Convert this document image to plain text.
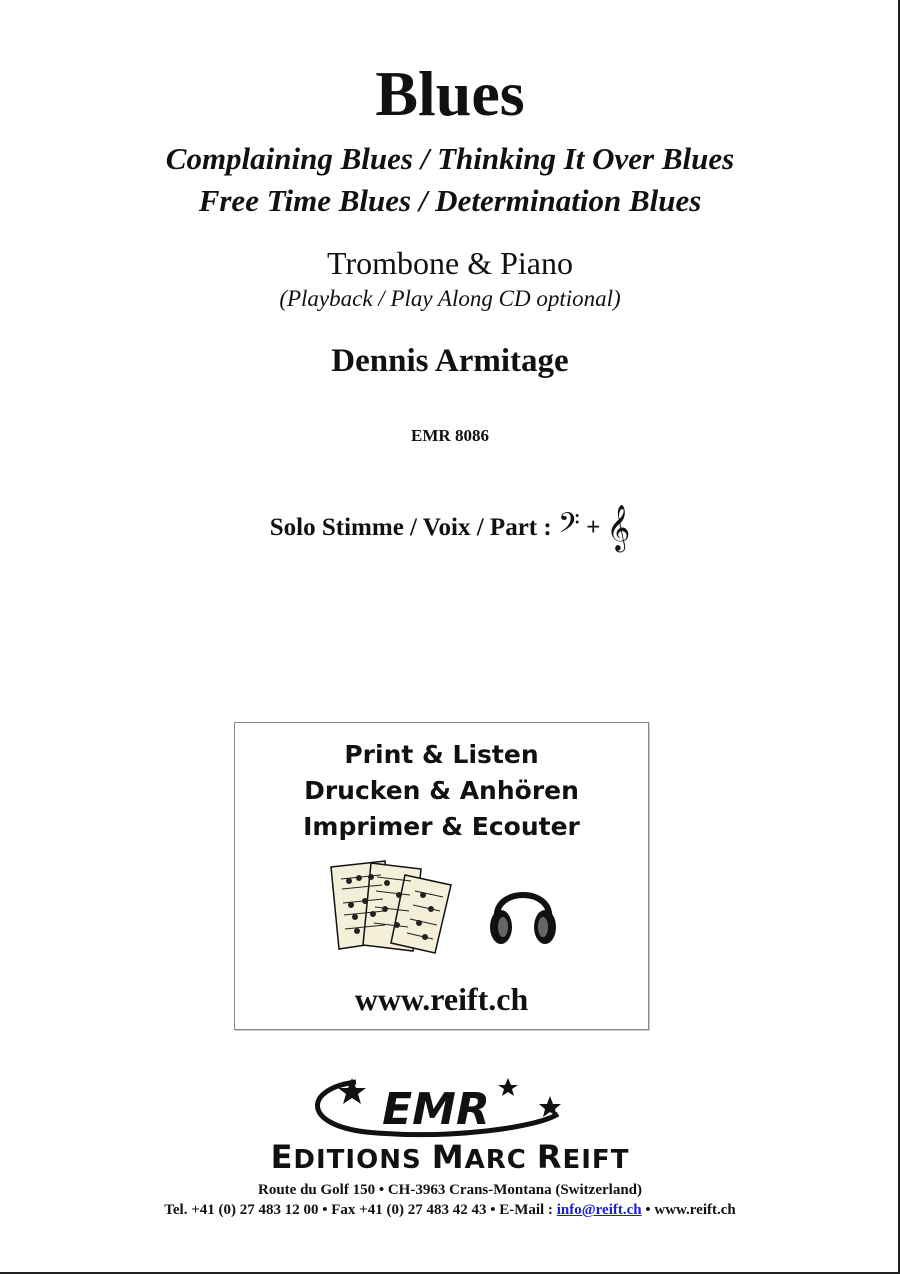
Blues
Complaining Blues / Thinking It Over Blues
Free Time Blues / Determination Blues
Trombone & Piano
(Playback / Play Along CD optional)
Dennis Armitage
EMR 8086
Solo Stimme / Voix / Part : 𝄢 + 𝄞
Print & Listen
Drucken & Anhören
Imprimer & Ecouter
www.reift.ch
EMR
EDITIONS MARC REIFT
Route du Golf 150 • CH-3963 Crans-Montana (Switzerland)
Tel. +41 (0) 27 483 12 00 • Fax +41 (0) 27 483 42 43 • E-Mail : info@reift.ch • www.reift.ch
